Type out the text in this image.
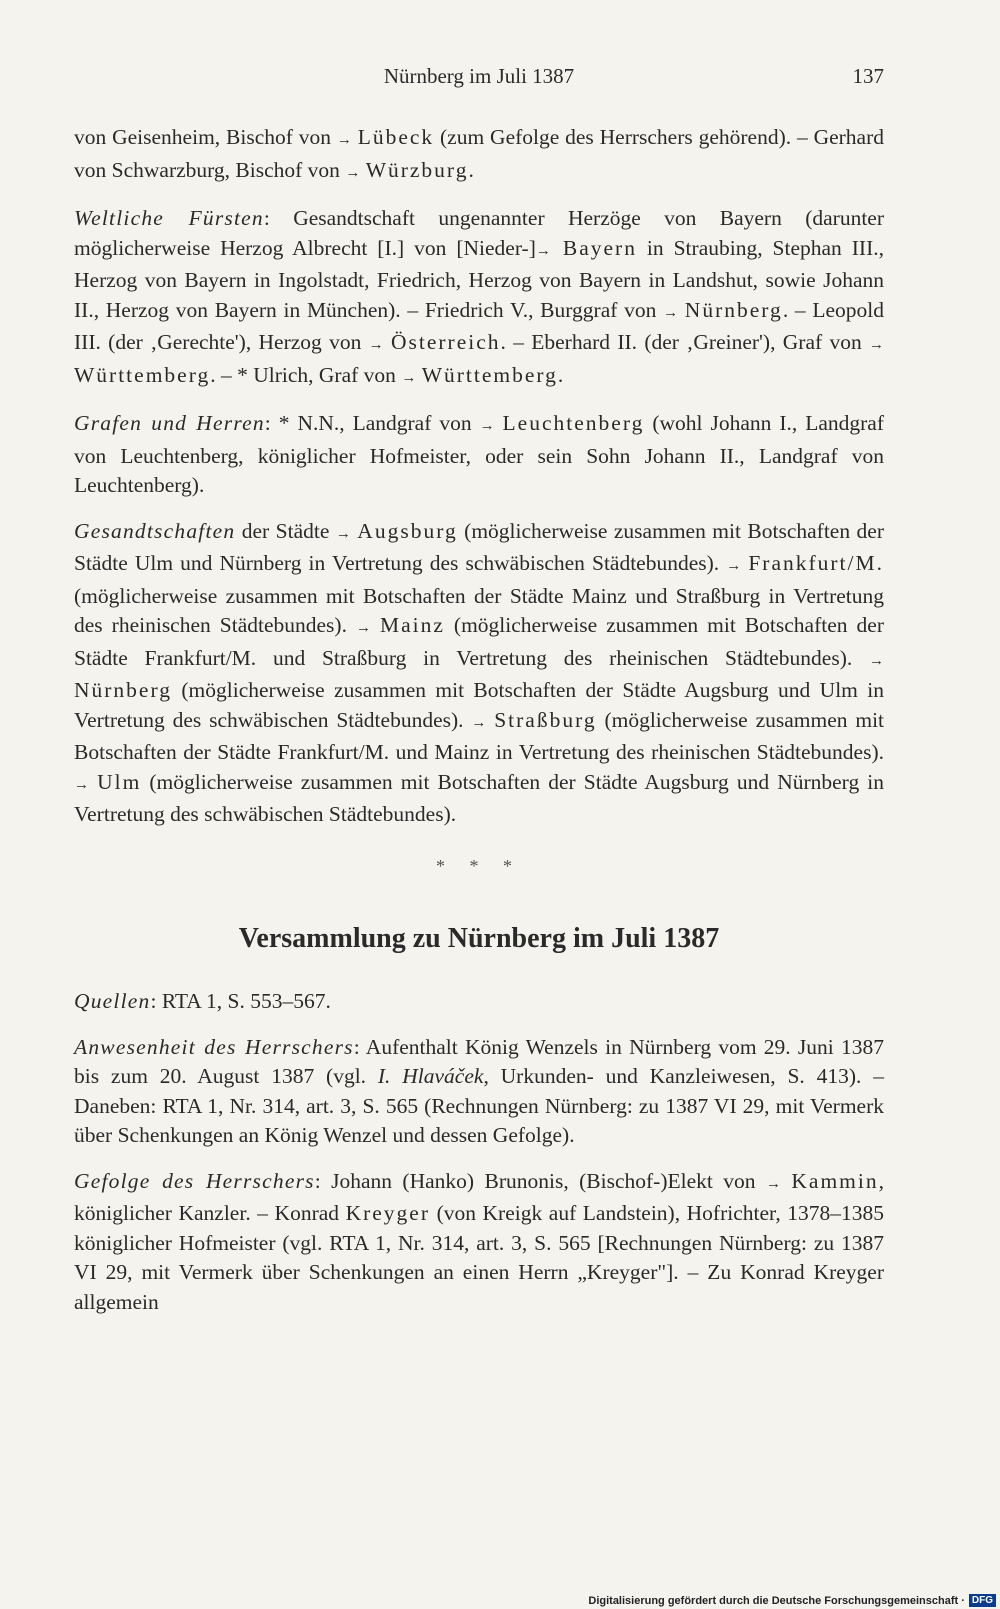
Nürnberg im Juli 1387	137

von Geisenheim, Bischof von → Lübeck (zum Gefolge des Herrschers gehörend). – Gerhard von Schwarzburg, Bischof von → Würzburg.

Weltliche Fürsten: Gesandtschaft ungenannter Herzöge von Bayern (darunter möglicherweise Herzog Albrecht [I.] von [Nieder-]→ Bayern in Straubing, Stephan III., Herzog von Bayern in Ingolstadt, Friedrich, Herzog von Bayern in Landshut, sowie Johann II., Herzog von Bayern in München). – Friedrich V., Burggraf von → Nürnberg. – Leopold III. (der ‚Gerechte'), Herzog von → Österreich. – Eberhard II. (der ‚Greiner'), Graf von → Württemberg. – * Ulrich, Graf von → Württemberg.

Grafen und Herren: * N.N., Landgraf von → Leuchtenberg (wohl Johann I., Landgraf von Leuchtenberg, königlicher Hofmeister, oder sein Sohn Johann II., Landgraf von Leuchtenberg).

Gesandtschaften der Städte → Augsburg (möglicherweise zusammen mit Botschaften der Städte Ulm und Nürnberg in Vertretung des schwäbischen Städtebundes). → Frankfurt/M. (möglicherweise zusammen mit Botschaften der Städte Mainz und Straßburg in Vertretung des rheinischen Städtebundes). → Mainz (möglicherweise zusammen mit Botschaften der Städte Frankfurt/M. und Straßburg in Vertretung des rheinischen Städtebundes). → Nürnberg (möglicherweise zusammen mit Botschaften der Städte Augsburg und Ulm in Vertretung des schwäbischen Städtebundes). → Straßburg (möglicherweise zusammen mit Botschaften der Städte Frankfurt/M. und Mainz in Vertretung des rheinischen Städtebundes). → Ulm (möglicherweise zusammen mit Botschaften der Städte Augsburg und Nürnberg in Vertretung des schwäbischen Städtebundes).

* * *
Versammlung zu Nürnberg im Juli 1387

Quellen: RTA 1, S. 553–567.

Anwesenheit des Herrschers: Aufenthalt König Wenzels in Nürnberg vom 29. Juni 1387 bis zum 20. August 1387 (vgl. I. Hlaváček, Urkunden- und Kanzleiwesen, S. 413). – Daneben: RTA 1, Nr. 314, art. 3, S. 565 (Rechnungen Nürnberg: zu 1387 VI 29, mit Vermerk über Schenkungen an König Wenzel und dessen Gefolge).

Gefolge des Herrschers: Johann (Hanko) Brunonis, (Bischof-)Elekt von → Kammin, königlicher Kanzler. – Konrad Kreyger (von Kreigk auf Landstein), Hofrichter, 1378–1385 königlicher Hofmeister (vgl. RTA 1, Nr. 314, art. 3, S. 565 [Rechnungen Nürnberg: zu 1387 VI 29, mit Vermerk über Schenkungen an einen Herrn „Kreyger"]. – Zu Konrad Kreyger allgemein

Digitalisierung gefördert durch die Deutsche Forschungsgemeinschaft · DFG
